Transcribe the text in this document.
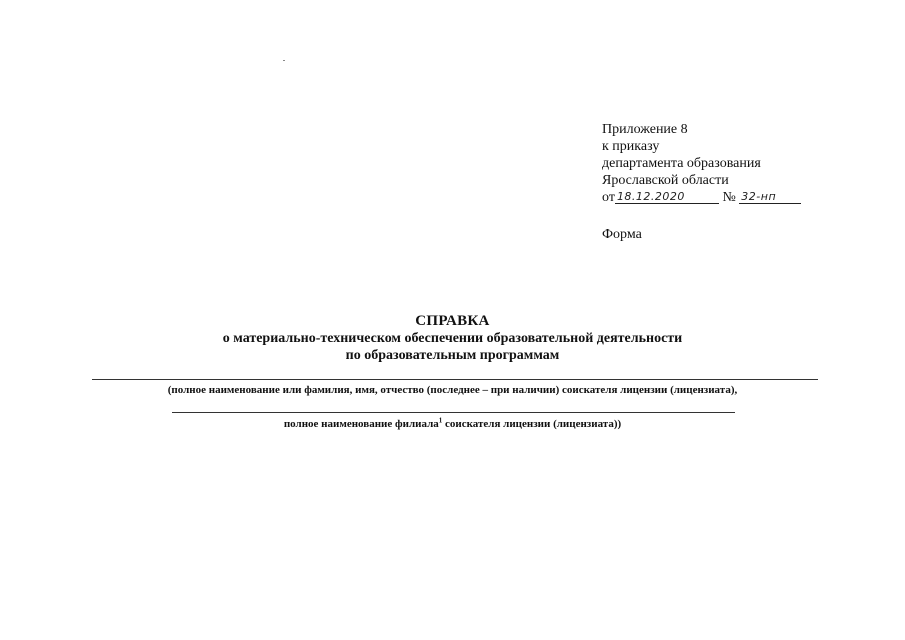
Приложение 8
к приказу
департамента образования
Ярославской области
от 18.12.2020	№ 32-нп
Форма
СПРАВКА
о материально-техническом обеспечении образовательной деятельности
по образовательным программам
(полное наименование или фамилия, имя, отчество (последнее – при наличии) соискателя лицензии (лицензиата),
полное наименование филиала$^1$ соискателя лицензии (лицензиата))
